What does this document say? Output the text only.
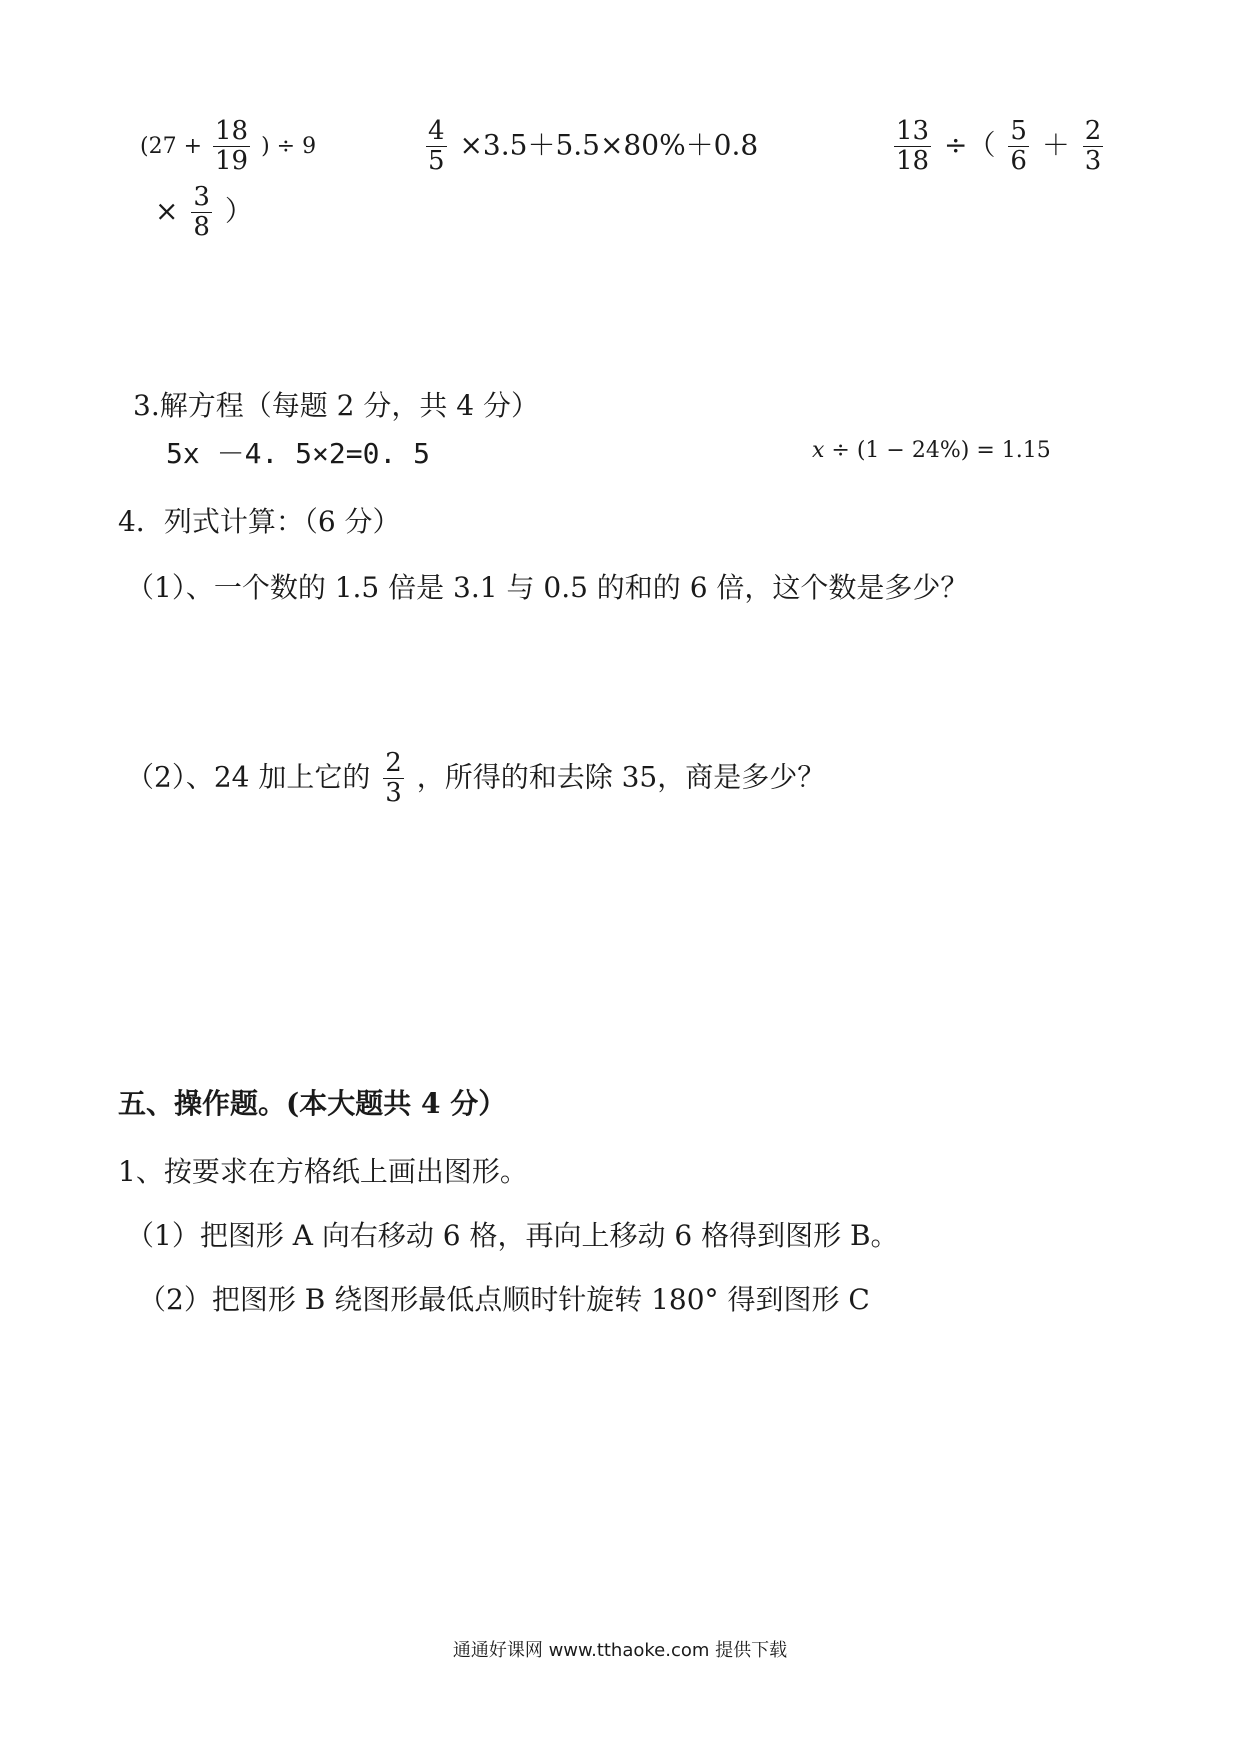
($27 + \frac{18}{19}$ ) ÷ 9
× $\frac{3}{8}$ ）
$\frac{4}{5} \times 3.5+5.5\times 80\%+0.8$	$\frac{13}{18}$ ÷（ $\frac{5}{6} + \frac{2}{3}$
3.解方程（每题 2 分，共 4 分）
5x －4. 5×2=0. 5	x ÷ (1 − 24%) = 1.15
4．列式计算：（6 分）
（1）、一个数的 1.5 倍是 3.1 与 0.5 的和的 6 倍，这个数是多少？
（2）、24 加上它的 $\frac{2}{3}$ ，所得的和去除 35，商是多少？
五、操作题。(本大题共 4 分）
1、按要求在方格纸上画出图形。
（1）把图形 A 向右移动 6 格，再向上移动 6 格得到图形 B。
（2）把图形 B 绕图形最低点顺时针旋转 180° 得到图形 C
通通好课网 www.tthaoke.com 提供下载
